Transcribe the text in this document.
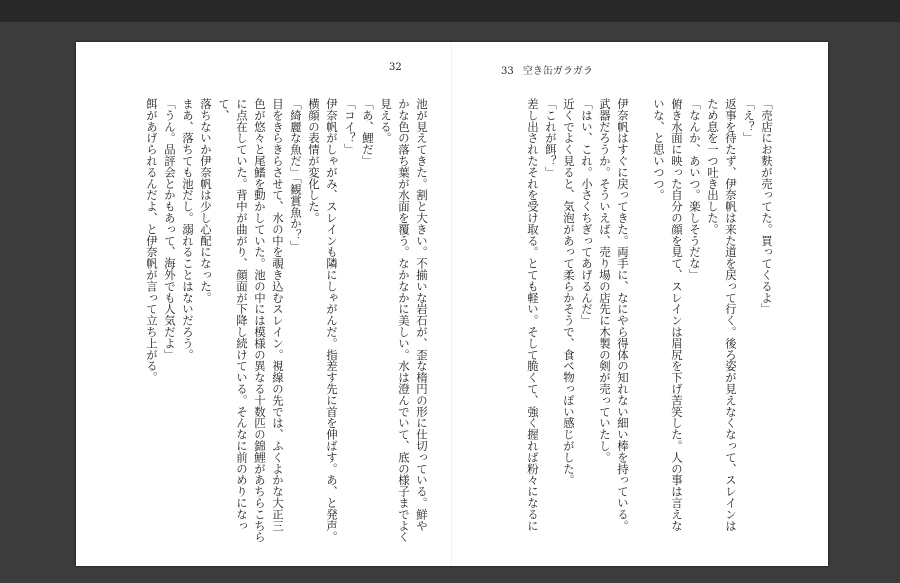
32	33 空き缶ガラガラ

「売店にお麩が売ってた。買ってくるよ」

「え？」

返事を待たず、伊奈帆は来た道を戻って行く。後ろ姿が見えなくなって、スレインは

ため息を一つ吐き出した。

「なんか、あいつ。楽しそうだな」

俯き水面に映った自分の顔を見て、スレインは眉尻を下げ苦笑した。人の事は言えな

いな、と思いつつ。

伊奈帆はすぐに戻ってきた。両手に、なにやら得体の知れない細い棒を持っている。

武器だろうか。そういえば、売り場の店先に木製の剣が売っていたし。

「はい、これ。小さくちぎってあげるんだ」

近くでよく見ると、気泡があって柔らかそうで、食べ物っぽい感じがした。

「これが餌？」

差し出されたそれを受け取る。とても軽い。そして脆くて、強く握れば粉々になるに

池が見えてきた。割と大きい。不揃いな岩石が、歪な楕円の形に仕切っている。鮮や

かな色の落ち葉が水面を覆う。なかなかに美しい。水は澄んでいて、底の様子までよく

見える。

「あ、鯉だ」

「コイ？」

伊奈帆がしゃがみ、スレインも隣にしゃがんだ。指差す先に首を伸ばす。あ、と発声。

横顔の表情が変化した。

「綺麗な魚だ」「観賞魚か？」

目をきらきらさせて、水の中を覗き込むスレイン。視線の先では、ふくよかな大正三

色が悠々と尾鰭を動かしていた。池の中には模様の異なる十数匹の錦鯉があちらこちら

に点在していた。背中が曲がり、顔面が下降し続けている。そんなに前のめりになって、

落ちないか伊奈帆は少し心配になった。

まあ、落ちても池だし。溺れることはないだろう。

「うん。品評会とかもあって、海外でも人気だよ」

餌があげられるんだよ、と伊奈帆が言って立ち上がる。
